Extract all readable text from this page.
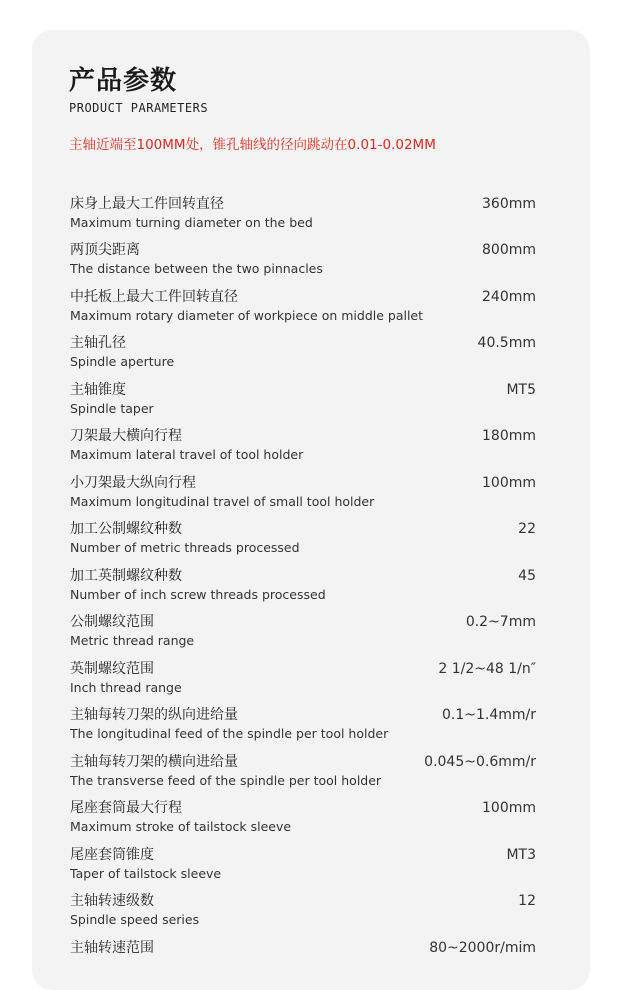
产品参数
PRODUCT PARAMETERS
主轴近端至100MM处，锥孔轴线的径向跳动在0.01-0.02MM
床身上最大工件回转直径
Maximum turning diameter on the bed
360mm
两顶尖距离
The distance between the two pinnacles
800mm
中托板上最大工件回转直径
Maximum rotary diameter of workpiece on middle pallet
240mm
主轴孔径
Spindle aperture
40.5mm
主轴锥度
Spindle taper
MT5
刀架最大横向行程
Maximum lateral travel of tool holder
180mm
小刀架最大纵向行程
Maximum longitudinal travel of small tool holder
100mm
加工公制螺纹种数
Number of metric threads processed
22
加工英制螺纹种数
Number of inch screw threads processed
45
公制螺纹范围
Metric thread range
0.2~7mm
英制螺纹范围
Inch thread range
2 1/2~48 1/n″
主轴每转刀架的纵向进给量
The longitudinal feed of the spindle per tool holder
0.1~1.4mm/r
主轴每转刀架的横向进给量
The transverse feed of the spindle per tool holder
0.045~0.6mm/r
尾座套筒最大行程
Maximum stroke of tailstock sleeve
100mm
尾座套筒锥度
Taper of tailstock sleeve
MT3
主轴转速级数
Spindle speed series
12
主轴转速范围	80~2000r/mim
